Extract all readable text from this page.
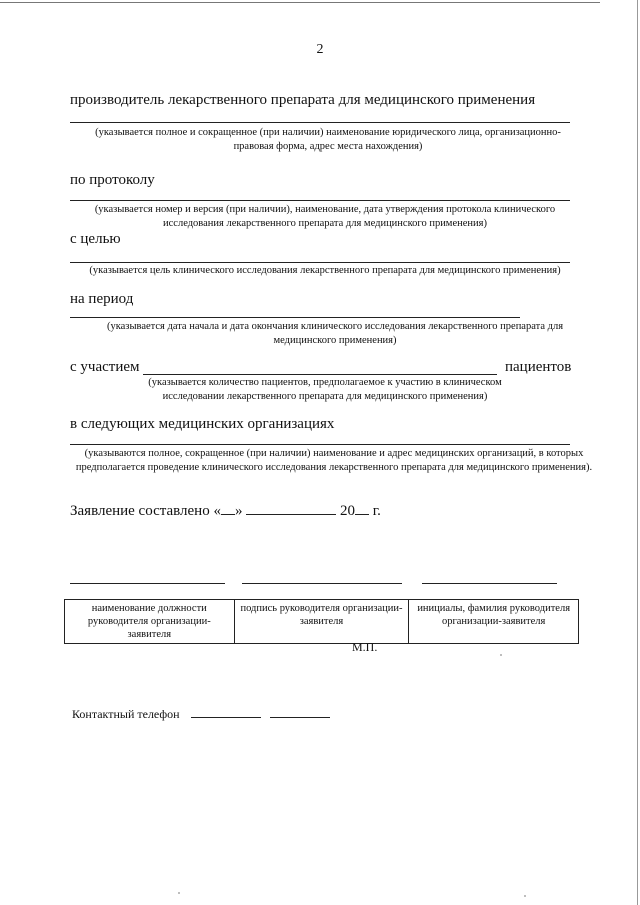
2
производитель лекарственного препарата для медицинского применения
(указывается полное и сокращенное (при наличии) наименование юридического лица, организационно-правовая форма, адрес места нахождения)
по протоколу
(указывается номер и версия (при наличии), наименование, дата утверждения протокола клинического исследования лекарственного препарата для медицинского применения)
с целью
(указывается цель клинического исследования лекарственного препарата для медицинского применения)
на период
(указывается дата начала и дата окончания клинического исследования лекарственного препарата для медицинского применения)
с участием	пациентов
(указывается количество пациентов, предполагаемое к участию в клиническом исследовании лекарственного препарата для медицинского применения)
в следующих медицинских организациях
(указываются полное, сокращенное (при наличии) наименование и адрес медицинских организаций, в которых предполагается проведение клинического исследования лекарственного препарата для медицинского применения).
Заявление составлено « »	20 г.
наименование должности руководителя организации-заявителя	подпись руководителя организации-заявителя	инициалы, фамилия руководителя организации-заявителя
М.П.
Контактный телефон
